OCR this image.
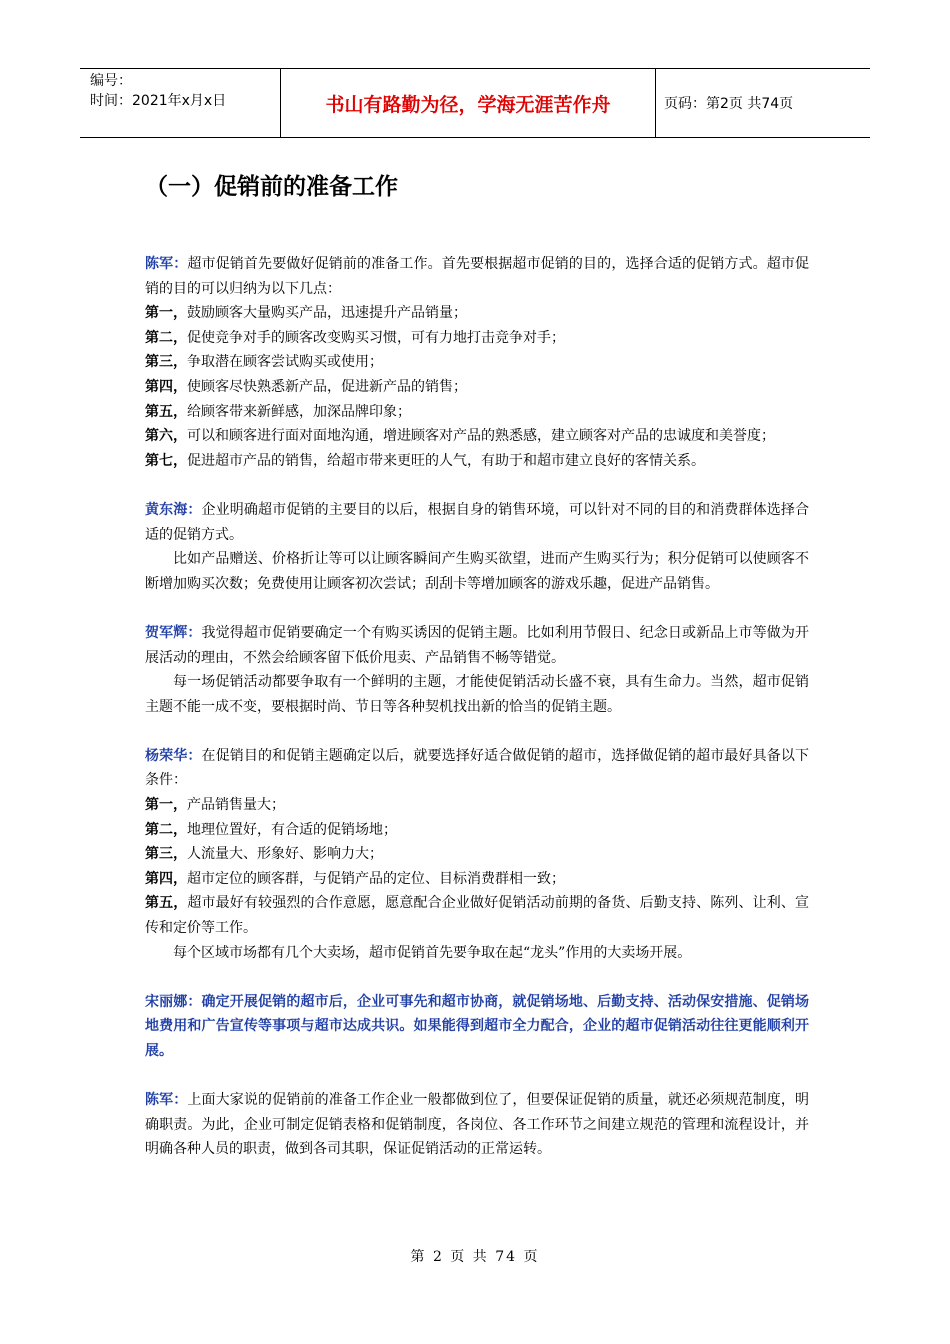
编号：
时间：2021年x月x日	书山有路勤为径，学海无涯苦作舟	页码：第2页 共74页
（一）促销前的准备工作

陈军：超市促销首先要做好促销前的准备工作。首先要根据超市促销的目的，选择合适的促销方式。超市促销的目的可以归纳为以下几点：

第一，鼓励顾客大量购买产品，迅速提升产品销量；

第二，促使竞争对手的顾客改变购买习惯，可有力地打击竞争对手；

第三，争取潜在顾客尝试购买或使用；

第四，使顾客尽快熟悉新产品，促进新产品的销售；

第五，给顾客带来新鲜感，加深品牌印象；

第六，可以和顾客进行面对面地沟通，增进顾客对产品的熟悉感，建立顾客对产品的忠诚度和美誉度；

第七，促进超市产品的销售，给超市带来更旺的人气，有助于和超市建立良好的客情关系。

黄东海：企业明确超市促销的主要目的以后，根据自身的销售环境，可以针对不同的目的和消费群体选择合适的促销方式。

比如产品赠送、价格折让等可以让顾客瞬间产生购买欲望，进而产生购买行为；积分促销可以使顾客不断增加购买次数；免费使用让顾客初次尝试；刮刮卡等增加顾客的游戏乐趣，促进产品销售。

贺军辉：我觉得超市促销要确定一个有购买诱因的促销主题。比如利用节假日、纪念日或新品上市等做为开展活动的理由，不然会给顾客留下低价甩卖、产品销售不畅等错觉。

每一场促销活动都要争取有一个鲜明的主题，才能使促销活动长盛不衰，具有生命力。当然，超市促销主题不能一成不变，要根据时尚、节日等各种契机找出新的恰当的促销主题。

杨荣华：在促销目的和促销主题确定以后，就要选择好适合做促销的超市，选择做促销的超市最好具备以下条件：

第一，产品销售量大；

第二，地理位置好，有合适的促销场地；

第三，人流量大、形象好、影响力大；

第四，超市定位的顾客群，与促销产品的定位、目标消费群相一致；

第五，超市最好有较强烈的合作意愿，愿意配合企业做好促销活动前期的备货、后勤支持、陈列、让利、宣传和定价等工作。

每个区域市场都有几个大卖场，超市促销首先要争取在起“龙头”作用的大卖场开展。

宋丽娜：确定开展促销的超市后，企业可事先和超市协商，就促销场地、后勤支持、活动保安措施、促销场地费用和广告宣传等事项与超市达成共识。如果能得到超市全力配合，企业的超市促销活动往往更能顺利开展。

陈军：上面大家说的促销前的准备工作企业一般都做到位了，但要保证促销的质量，就还必须规范制度，明确职责。为此，企业可制定促销表格和促销制度，各岗位、各工作环节之间建立规范的管理和流程设计，并明确各种人员的职责，做到各司其职，保证促销活动的正常运转。

第 2 页 共 74 页
